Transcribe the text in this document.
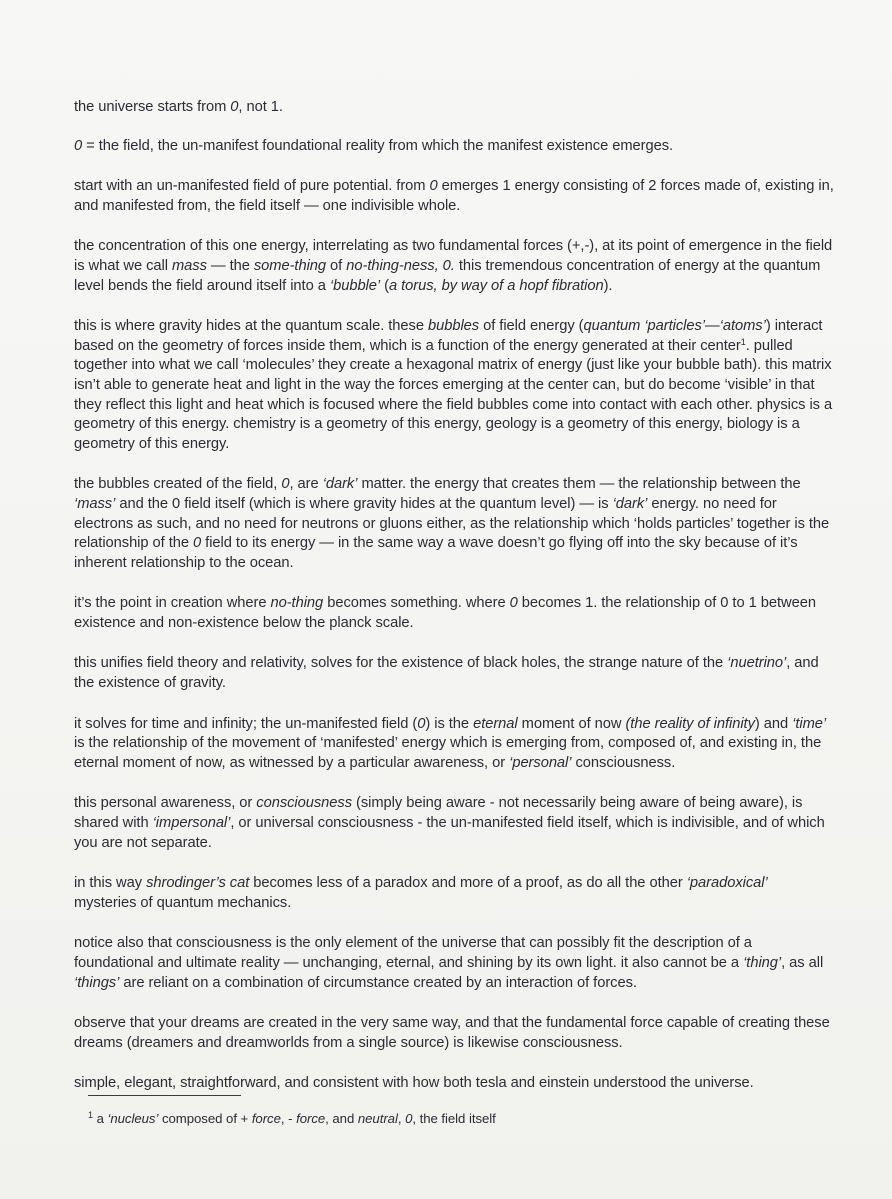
the universe starts from 0, not 1.

0 = the field, the un-manifest foundational reality from which the manifest existence emerges.

start with an un-manifested field of pure potential. from 0 emerges 1 energy consisting of 2 forces made of, existing in, and manifested from, the field itself — one indivisible whole.

the concentration of this one energy, interrelating as two fundamental forces (+,-), at its point of emergence in the field is what we call mass — the some-thing of no-thing-ness, 0. this tremendous concentration of energy at the quantum level bends the field around itself into a ‘bubble’ (a torus, by way of a hopf fibration).

this is where gravity hides at the quantum scale. these bubbles of field energy (quantum ‘particles’—‘atoms’) interact based on the geometry of forces inside them, which is a function of the energy generated at their center$^1$. pulled together into what we call ‘molecules’ they create a hexagonal matrix of energy (just like your bubble bath). this matrix isn’t able to generate heat and light in the way the forces emerging at the center can, but do become ‘visible’ in that they reflect this light and heat which is focused where the field bubbles come into contact with each other. physics is a geometry of this energy. chemistry is a geometry of this energy, geology is a geometry of this energy, biology is a geometry of this energy.

the bubbles created of the field, 0, are ‘dark’ matter. the energy that creates them — the relationship between the ‘mass’ and the 0 field itself (which is where gravity hides at the quantum level) — is ‘dark’ energy. no need for electrons as such, and no need for neutrons or gluons either, as the relationship which ‘holds particles’ together is the relationship of the 0 field to its energy — in the same way a wave doesn’t go flying off into the sky because of it’s inherent relationship to the ocean.

it’s the point in creation where no-thing becomes something. where 0 becomes 1. the relationship of 0 to 1 between existence and non-existence below the planck scale.

this unifies field theory and relativity, solves for the existence of black holes, the strange nature of the ‘nuetrino’, and the existence of gravity.

it solves for time and infinity; the un-manifested field (0) is the eternal moment of now (the reality of infinity) and ‘time’ is the relationship of the movement of ‘manifested’ energy which is emerging from, composed of, and existing in, the eternal moment of now, as witnessed by a particular awareness, or ‘personal’ consciousness.

this personal awareness, or consciousness (simply being aware - not necessarily being aware of being aware), is shared with ‘impersonal’, or universal consciousness - the un-manifested field itself, which is indivisible, and of which you are not separate.

in this way shrodinger’s cat becomes less of a paradox and more of a proof, as do all the other ‘paradoxical’ mysteries of quantum mechanics.

notice also that consciousness is the only element of the universe that can possibly fit the description of a foundational and ultimate reality — unchanging, eternal, and shining by its own light. it also cannot be a ‘thing’, as all ‘things’ are reliant on a combination of circumstance created by an interaction of forces.

observe that your dreams are created in the very same way, and that the fundamental force capable of creating these dreams (dreamers and dreamworlds from a single source) is likewise consciousness.

simple, elegant, straightforward, and consistent with how both tesla and einstein understood the universe.

$^1$ a ‘nucleus’ composed of + force, - force, and neutral, 0, the field itself
